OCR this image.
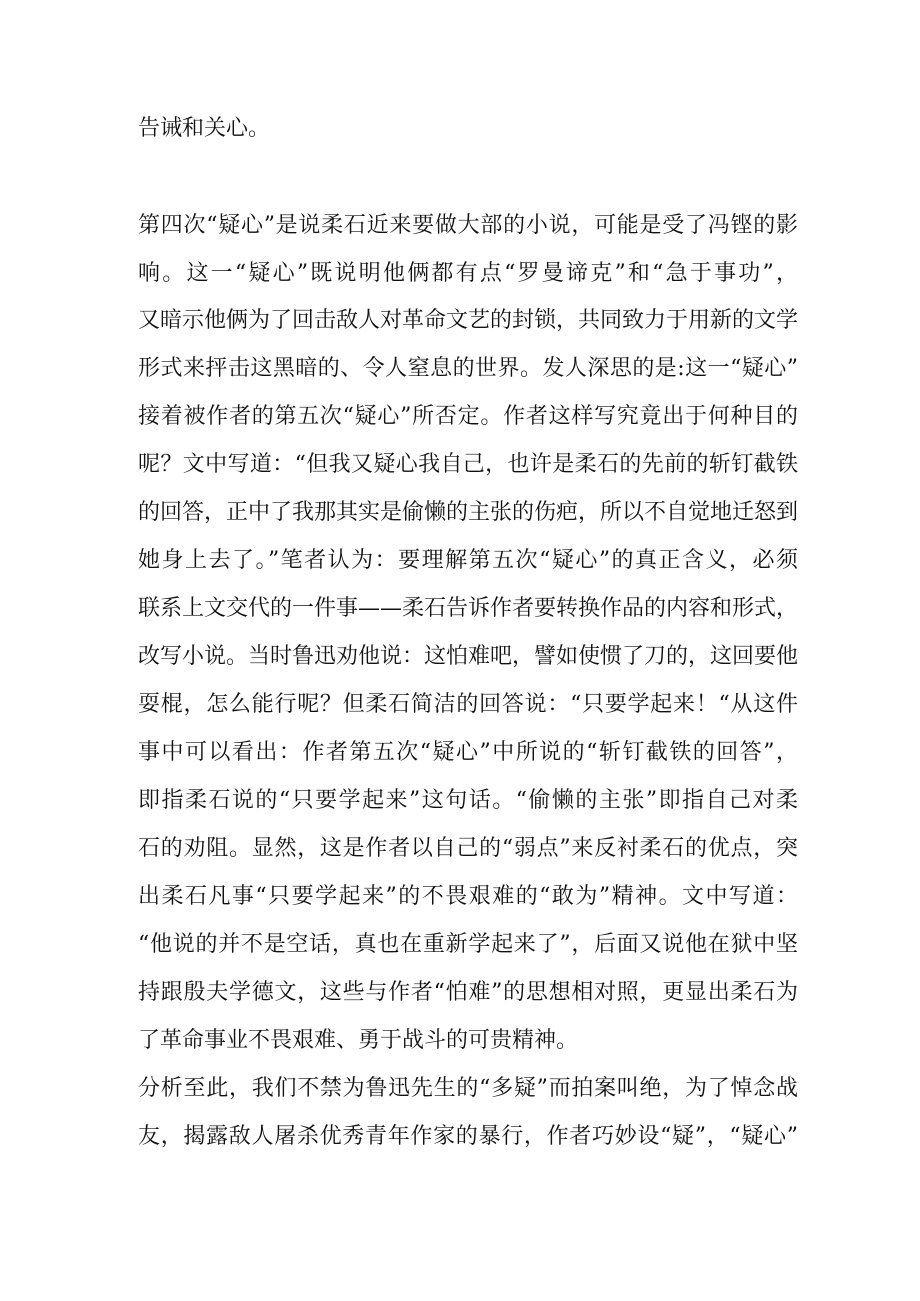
告诫和关心。

第四次“疑心”是说柔石近来要做大部的小说，可能是受了冯铿的影

响。这一“疑心”既说明他俩都有点“罗曼谛克”和“急于事功”，

又暗示他俩为了回击敌人对革命文艺的封锁，共同致力于用新的文学

形式来抨击这黑暗的、令人窒息的世界。发人深思的是:这一“疑心”

接着被作者的第五次“疑心”所否定。作者这样写究竟出于何种目的

呢？文中写道：“但我又疑心我自己，也许是柔石的先前的斩钉截铁

的回答，正中了我那其实是偷懒的主张的伤疤，所以不自觉地迁怒到

她身上去了。”笔者认为：要理解第五次“疑心”的真正含义，必须

联系上文交代的一件事——柔石告诉作者要转换作品的内容和形式，

改写小说。当时鲁迅劝他说：这怕难吧，譬如使惯了刀的，这回要他

耍棍，怎么能行呢？但柔石简洁的回答说：“只要学起来！“从这件

事中可以看出：作者第五次“疑心”中所说的“斩钉截铁的回答”，

即指柔石说的“只要学起来”这句话。“偷懒的主张”即指自己对柔

石的劝阻。显然，这是作者以自己的“弱点”来反衬柔石的优点，突

出柔石凡事“只要学起来”的不畏艰难的“敢为”精神。文中写道：

“他说的并不是空话，真也在重新学起来了”，后面又说他在狱中坚

持跟殷夫学德文，这些与作者“怕难”的思想相对照，更显出柔石为

了革命事业不畏艰难、勇于战斗的可贵精神。

分析至此，我们不禁为鲁迅先生的“多疑”而拍案叫绝，为了悼念战

友，揭露敌人屠杀优秀青年作家的暴行，作者巧妙设“疑”，“疑心”
